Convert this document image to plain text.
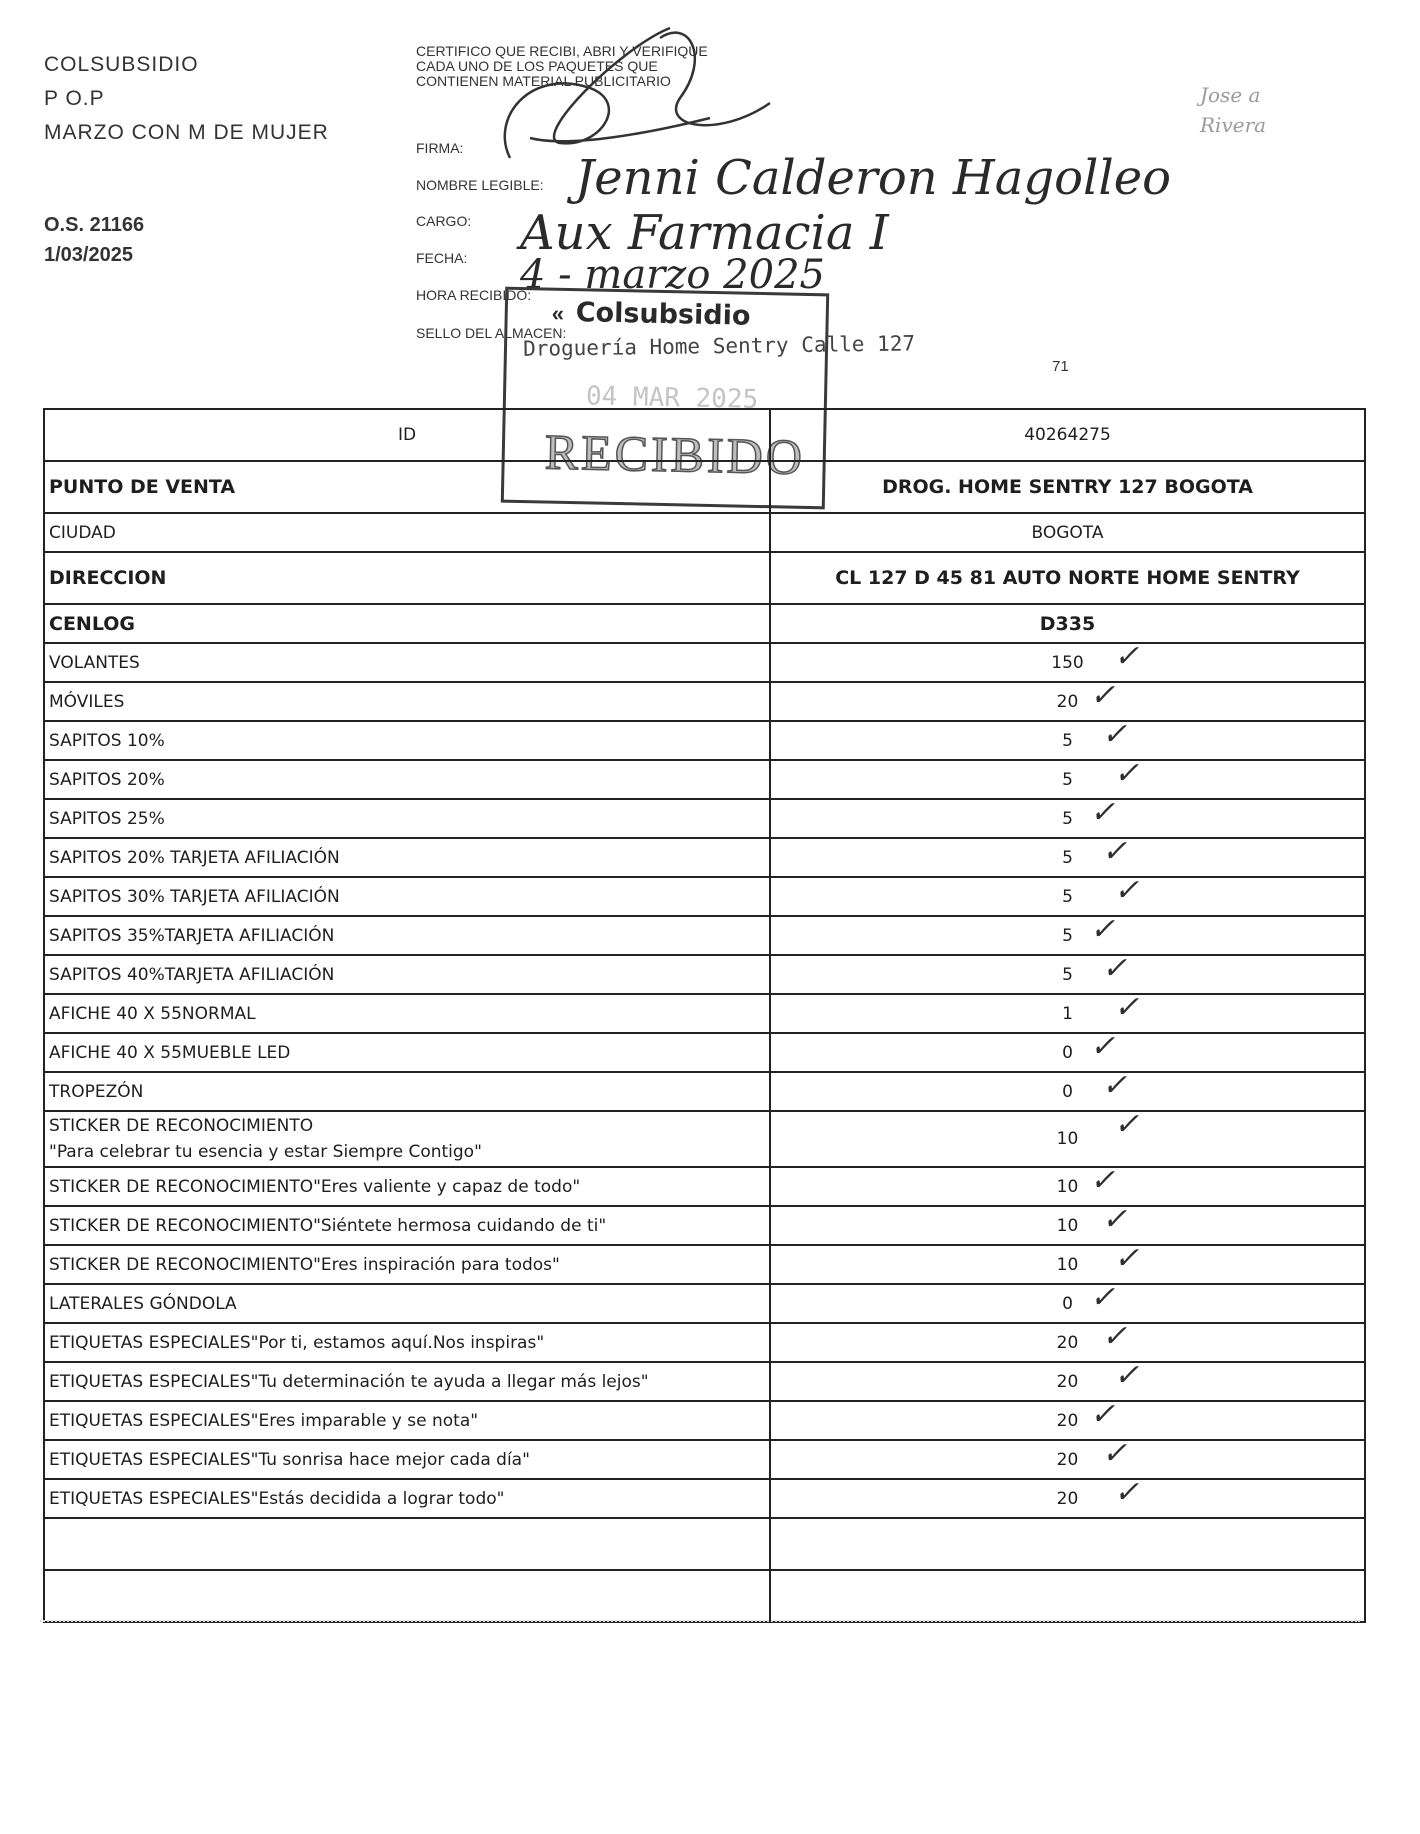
COLSUBSIDIO
P O.P
MARZO CON M DE MUJER
O.S. 21166
1/03/2025
CERTIFICO QUE RECIBI, ABRI Y VERIFIQUE CADA UNO DE LOS PAQUETES QUE CONTIENEN MATERIAL PUBLICITARIO
FIRMA:
NOMBRE LEGIBLE:
CARGO:
FECHA:
HORA RECIBIDO:
SELLO DEL ALMACEN:
Jenni Calderon Hagolleo
Aux Farmacia I
4 - marzo 2025
Jose a Rivera
« Colsubsidio
Droguería Home Sentry Calle 127
04 MAR 2025
RECIBIDO
71
ID	40264275
PUNTO DE VENTA	DROG. HOME SENTRY 127 BOGOTA
CIUDAD	BOGOTA
DIRECCION	CL 127 D 45 81 AUTO NORTE HOME SENTRY
CENLOG	D335
VOLANTES	150
MÓVILES	20
SAPITOS 10%	5
SAPITOS 20%	5
SAPITOS 25%	5
SAPITOS 20% TARJETA AFILIACIÓN	5
SAPITOS 30% TARJETA AFILIACIÓN	5
SAPITOS 35%TARJETA AFILIACIÓN	5
SAPITOS 40%TARJETA AFILIACIÓN	5
AFICHE 40 X 55NORMAL	1
AFICHE 40 X 55MUEBLE LED	0
TROPEZÓN	0
STICKER DE RECONOCIMIENTO
"Para celebrar tu esencia y estar Siempre Contigo"	10
STICKER DE RECONOCIMIENTO"Eres valiente y capaz de todo"	10
STICKER DE RECONOCIMIENTO"Siéntete hermosa cuidando de ti"	10
STICKER DE RECONOCIMIENTO"Eres inspiración para todos"	10
LATERALES GÓNDOLA	0
ETIQUETAS ESPECIALES"Por ti, estamos aquí.Nos inspiras"	20
ETIQUETAS ESPECIALES"Tu determinación te ayuda a llegar más lejos"	20
ETIQUETAS ESPECIALES"Eres imparable y se nota"	20
ETIQUETAS ESPECIALES"Tu sonrisa hace mejor cada día"	20
ETIQUETAS ESPECIALES"Estás decidida a lograr todo"	20

✓
✓
✓
✓
✓
✓
✓
✓
✓
✓
✓
✓
✓
✓
✓
✓
✓
✓
✓
✓
✓
✓
